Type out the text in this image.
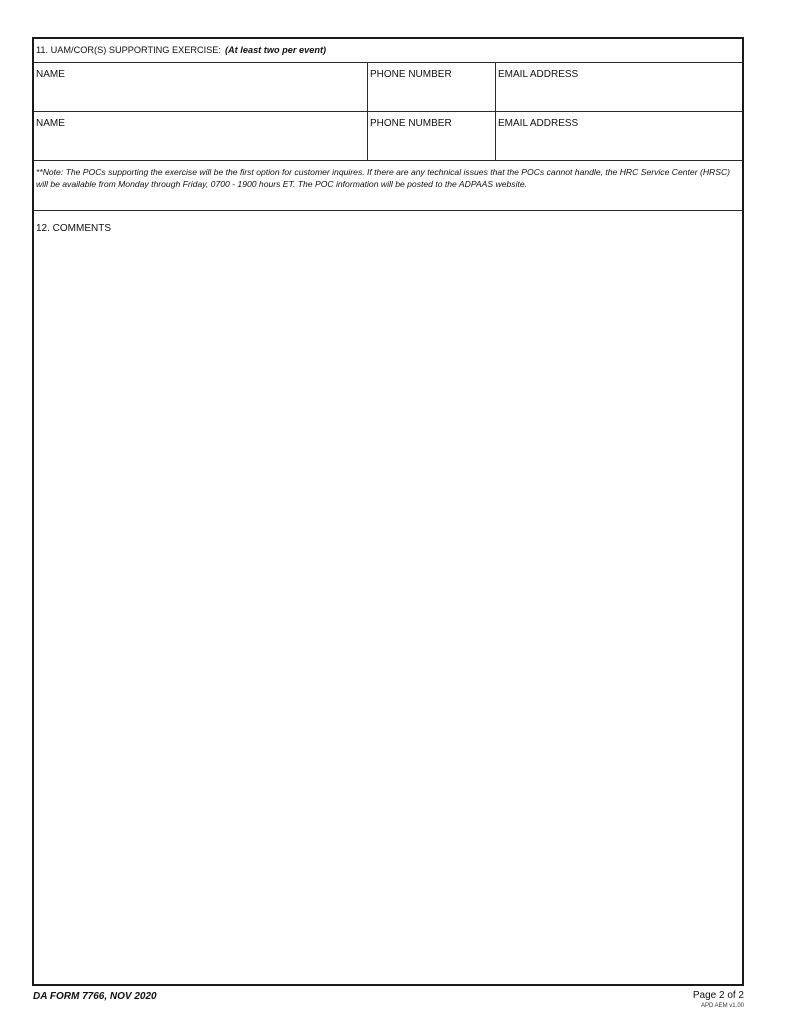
11. UAM/COR(S) SUPPORTING EXERCISE: (At least two per event)
NAME	PHONE NUMBER	EMAIL ADDRESS
NAME	PHONE NUMBER	EMAIL ADDRESS
**Note: The POCs supporting the exercise will be the first option for customer inquires. If there are any technical issues that the POCs cannot handle, the HRC Service Center (HRSC) will be available from Monday through Friday, 0700 - 1900 hours ET. The POC information will be posted to the ADPAAS website.
12. COMMENTS
DA FORM 7766, NOV 2020	Page 2 of 2
APD AEM v1.00
